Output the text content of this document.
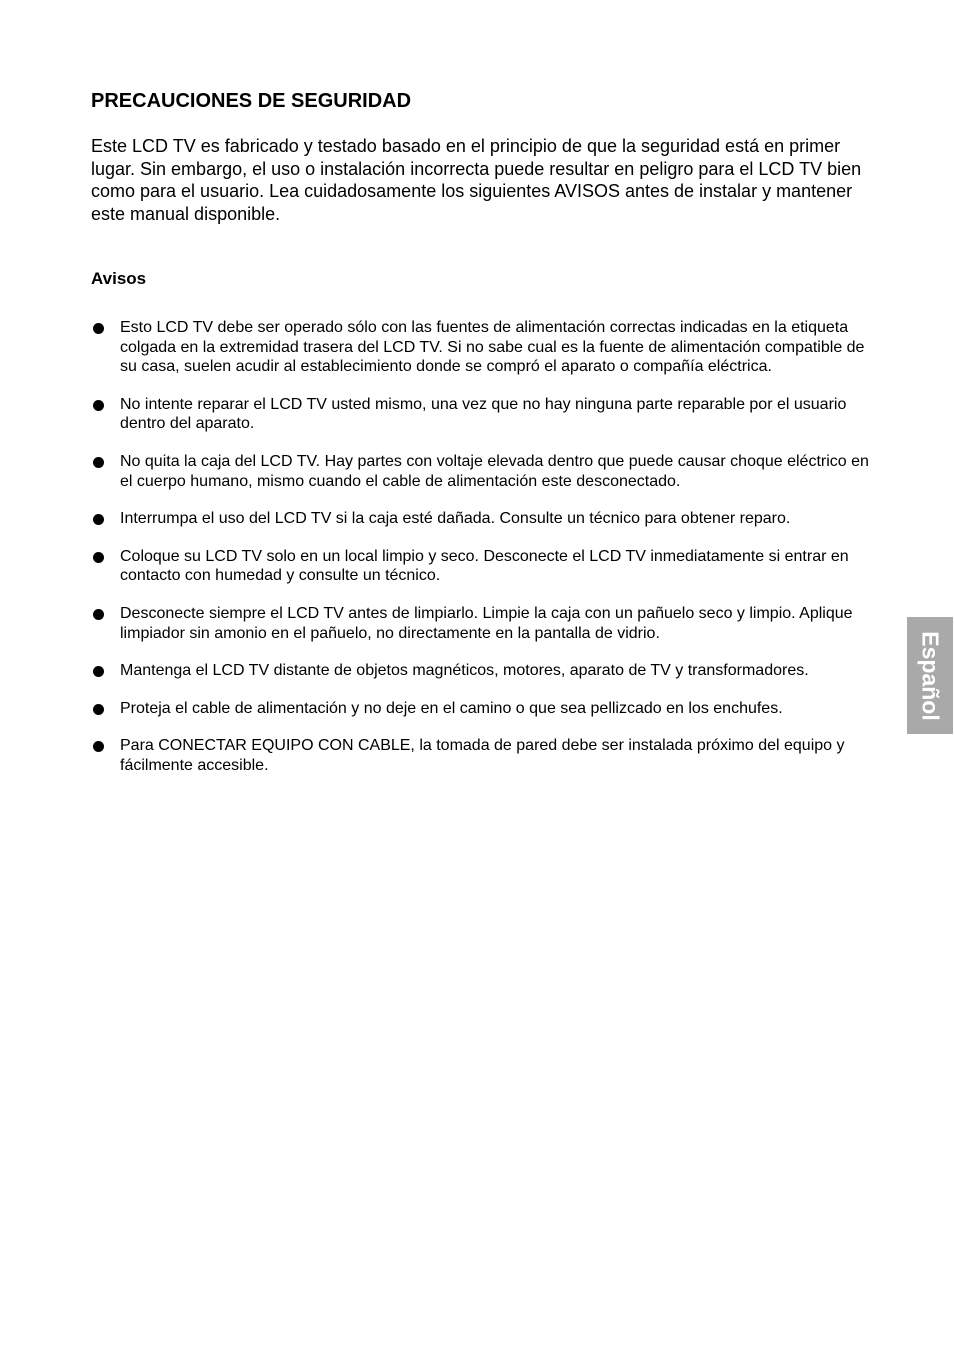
PRECAUCIONES DE SEGURIDAD

Este LCD TV es fabricado y testado basado en el principio de que la seguridad está en primer lugar. Sin embargo, el uso o instalación incorrecta puede resultar en peligro para el LCD TV bien como para el usuario. Lea cuidadosamente los siguientes AVISOS antes de instalar y mantener este manual disponible.

Avisos
Esto LCD TV debe ser operado sólo con las fuentes de alimentación correctas indicadas en la etiqueta colgada en la extremidad trasera del LCD TV. Si no sabe cual es la fuente de alimentación compatible de su casa, suelen acudir al establecimiento donde se compró el aparato o compañía eléctrica.
No intente reparar el LCD TV usted mismo, una vez que no hay ninguna parte reparable por el usuario dentro del aparato.
No quita la caja del LCD TV. Hay partes con voltaje elevada dentro que puede causar choque eléctrico en el cuerpo humano, mismo cuando el cable de alimentación este desconectado.
Interrumpa el uso del LCD TV si la caja esté dañada. Consulte un técnico para obtener reparo.
Coloque su LCD TV solo en un local limpio y seco. Desconecte el LCD TV inmediatamente si entrar en contacto con humedad y consulte un técnico.
Desconecte siempre el LCD TV antes de limpiarlo. Limpie la caja con un pañuelo seco y limpio. Aplique limpiador sin amonio en el pañuelo, no directamente en la pantalla de vidrio.
Mantenga el LCD TV distante de objetos magnéticos, motores, aparato de TV y transformadores.
Proteja el cable de alimentación y no deje en el camino o que sea pellizcado en los enchufes.
Para CONECTAR EQUIPO CON CABLE, la tomada de pared debe ser instalada próximo del equipo y fácilmente accesible.
Español
